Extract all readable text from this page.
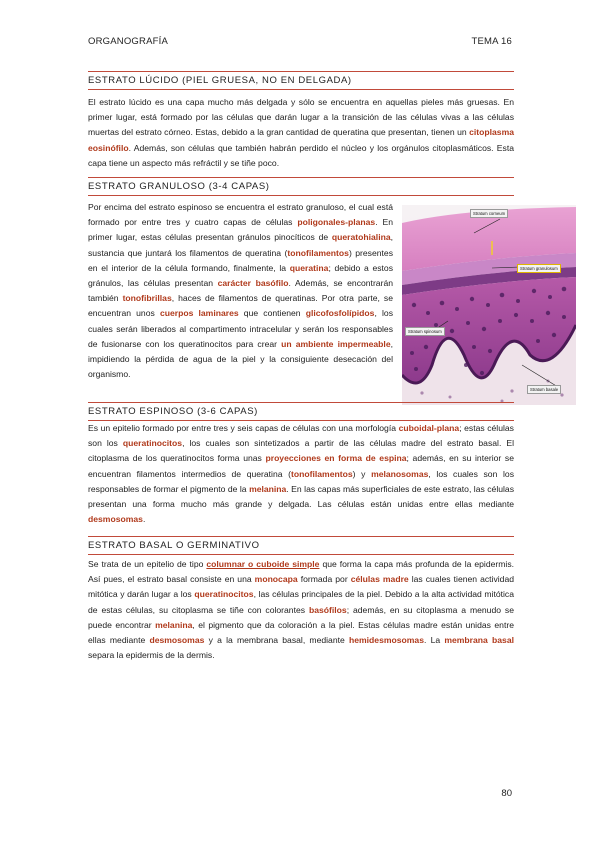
ORGANOGRAFÍA	TEMA 16
ESTRATO LÚCIDO (PIEL GRUESA, NO EN DELGADA)
El estrato lúcido es una capa mucho más delgada y sólo se encuentra en aquellas pieles más gruesas. En primer lugar, está formado por las células que darán lugar a la transición de las células vivas a las células muertas del estrato córneo. Estas, debido a la gran cantidad de queratina que presentan, tienen un citoplasma eosinófilo. Además, son células que también habrán perdido el núcleo y los orgánulos citoplasmáticos. Esta capa tiene un aspecto más refráctil y se tiñe poco.
ESTRATO GRANULOSO (3-4 CAPAS)
Por encima del estrato espinoso se encuentra el estrato granuloso, el cual está formado por entre tres y cuatro capas de células poligonales-planas. En primer lugar, estas células presentan gránulos pinocíticos de queratohialina, sustancia que juntará los filamentos de queratina (tonofilamentos) presentes en el interior de la célula formando, finalmente, la queratina; debido a estos gránulos, las células presentan carácter basófilo. Además, se encontrarán también tonofibrillas, haces de filamentos de queratinas. Por otra parte, se encuentran unos cuerpos laminares que contienen glicofosfolípidos, los cuales serán liberados al compartimento intracelular y serán los responsables de fusionarse con los queratinocitos para crear un ambiente impermeable, impidiendo la pérdida de agua de la piel y la consiguiente desecación del organismo.
Stratum corneum
Stratum granulosum
Stratum spinosum
Stratum basale
ESTRATO ESPINOSO (3-6 CAPAS)
Es un epitelio formado por entre tres y seis capas de células con una morfología cuboidal-plana; estas células son los queratinocitos, los cuales son sintetizados a partir de las células madre del estrato basal. El citoplasma de los queratinocitos forma unas proyecciones en forma de espina; además, en su interior se encuentran filamentos intermedios de queratina (tonofilamentos) y melanosomas, los cuales son los responsables de formar el pigmento de la melanina. En las capas más superficiales de este estrato, las células presentan una forma mucho más grande y delgada. Las células están unidas entre ellas mediante desmosomas.
ESTRATO BASAL O GERMINATIVO
Se trata de un epitelio de tipo columnar o cuboide simple que forma la capa más profunda de la epidermis. Así pues, el estrato basal consiste en una monocapa formada por células madre las cuales tienen actividad mitótica y darán lugar a los queratinocitos, las células principales de la piel. Debido a la alta actividad mitótica de estas células, su citoplasma se tiñe con colorantes basófilos; además, en su citoplasma a menudo se puede encontrar melanina, el pigmento que da coloración a la piel. Estas células madre están unidas entre ellas mediante desmosomas y a la membrana basal, mediante hemidesmosomas. La membrana basal separa la epidermis de la dermis.
80
